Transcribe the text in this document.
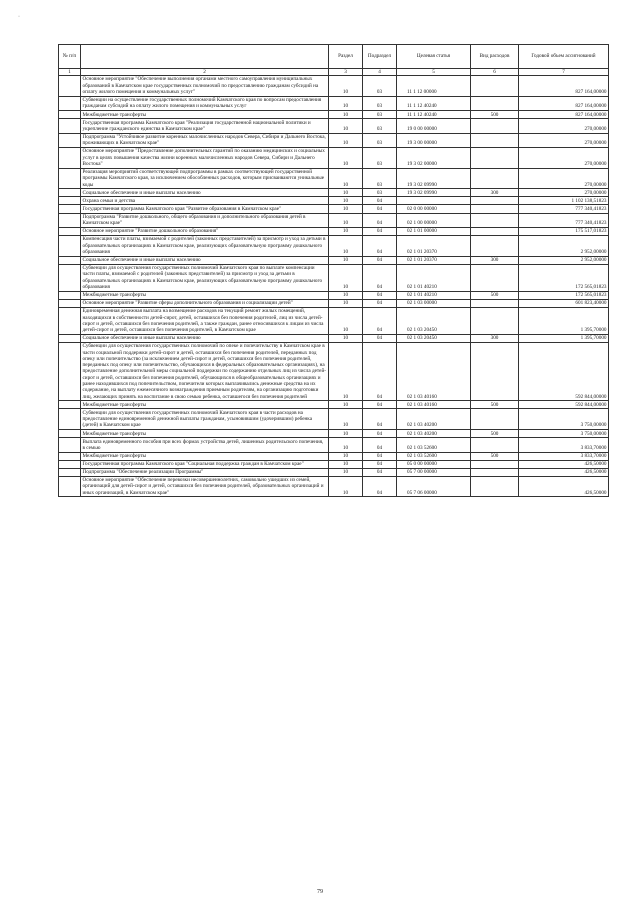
·
№ п/п		Раздел	Подраздел	Целевая статья	Вид расходов	Годовой объем ассигнований
1	2	3	4	5	6	7
	Основное мероприятие "Обеспечение выполнения органами местного самоуправления муниципальных образований в Камчатском крае государственных полномочий по предоставлению гражданам субсидий на оплату жилого помещения и коммунальных услуг"	10	03	11 1 12 00000		827 164,00000
	Субвенции на осуществление государственных полномочий Камчатского края по вопросам предоставления гражданам субсидий на оплату жилого помещения и коммунальных услуг	10	03	11 1 12 40240		827 164,00000
	Межбюджетные трансферты	10	03	11 1 12 40240	500	827 164,00000
	Государственная программа Камчатского края "Реализация государственной национальной политики и укрепление гражданского единства в Камчатском крае"	10	03	19 0 00 00000		270,00000
	Подпрограмма "Устойчивое развитие коренных малочисленных народов Севера, Сибири и Дальнего Востока, проживающих в Камчатском крае"	10	03	19 3 00 00000		270,00000
	Основное мероприятие "Предоставление дополнительных гарантий по оказанию медицинских и социальных услуг в целях повышения качества жизни коренных малочисленных народов Севера, Сибири и Дальнего Востока"	10	03	19 3 02 00000		270,00000
	Реализация мероприятий соответствующей подпрограммы в рамках соответствующей государственной программы Камчатского края, за исключением обособленных расходов, которым присваиваются уникальные коды	10	03	19 3 02 09990		270,00000
	Социальное обеспечение и иные выплаты населению	10	03	19 3 02 09990	300	270,00000
	Охрана семьи и детства	10	04			1 102 138,51823
	Государственная программа Камчатского края "Развитие образования в Камчатском крае"	10	04	02 0 00 00000		777 340,41823
	Подпрограмма "Развитие дошкольного, общего образования и дополнительного образования детей в Камчатском крае"	10	04	02 1 00 00000		777 340,41823
	Основное мероприятие "Развитие дошкольного образования"	10	04	02 1 01 00000		175 517,01823
	Компенсация части платы, взимаемой с родителей (законных представителей) за присмотр и уход за детьми в образовательных организациях в Камчатском крае, реализующих образовательную программу дошкольного образования	10	04	02 1 01 20370		2 952,00000
	Социальное обеспечение и иные выплаты населению	10	04	02 1 01 20370	300	2 952,00000
	Субвенции для осуществления государственных полномочий Камчатского края по выплате компенсации части платы, взимаемой с родителей (законных представителей) за присмотр и уход за детьми в образовательных организациях в Камчатском крае, реализующих образовательную программу дошкольного образования	10	04	02 1 01 40210		172 565,01823
	Межбюджетные трансферты	10	04	02 1 01 40210	500	172 565,01823
	Основное мероприятие "Развитие сферы дополнительного образования и социализации детей"	10	04	02 1 03 00000		601 823,40000
	Единовременная денежная выплата на возмещение расходов на текущий ремонт жилых помещений, находящихся в собственности детей-сирот, детей, оставшихся без попечения родителей, лиц из числа детей-сирот и детей, оставшихся без попечения родителей, а также граждан, ранее относившихся к лицам из числа детей-сирот и детей, оставшихся без попечения родителей, в Камчатском крае	10	04	02 1 03 20450		1 395,70000
	Социальное обеспечение и иные выплаты населению	10	04	02 1 03 20450	300	1 395,70000
	Субвенции для осуществления государственных полномочий по опеке и попечительству в Камчатском крае в части социальной поддержки детей-сирот и детей, оставшихся без попечения родителей, переданных под опеку или попечительство (за исключением детей-сирот и детей, оставшихся без попечения родителей, переданных под опеку или попечительство, обучающихся в федеральных образовательных организациях), на предоставление дополнительной меры социальной поддержки по содержанию отдельных лиц из числа детей-сирот и детей, оставшихся без попечения родителей, обучающихся в общеобразовательных организациях и ранее находившихся под попечительством, попечители которых выплачивались денежные средства на их содержание, на выплату ежемесячного вознаграждения приемным родителям, на организацию подготовки лиц, желающих принять на воспитание в свою семью ребенка, оставшегося без попечения родителей	10	04	02 1 03 40160		592 844,00000
	Межбюджетные трансферты	10	04	02 1 03 40160	500	592 844,00000
	Субвенции для осуществления государственных полномочий Камчатского края в части расходов на предоставление единовременной денежной выплаты гражданам, усыновившим (удочерившим) ребенка (детей) в Камчатском крае	10	04	02 1 03 40200		3 750,00000
	Межбюджетные трансферты	10	04	02 1 03 40200	500	3 750,00000
	Выплата единовременного пособия при всех формах устройства детей, лишенных родительского попечения, в семью	10	04	02 1 03 52600		3 833,70000
	Межбюджетные трансферты	10	04	02 1 03 52600	500	3 833,70000
	Государственная программа Камчатского края "Социальная поддержка граждан в Камчатском крае"	10	04	05 0 00 00000		426,50000
	Подпрограмма "Обеспечение реализации Программы"	10	04	05 7 00 00000		426,50000
	Основное мероприятие "Обеспечение перевозки несовершеннолетних, самовольно ушедших из семей, организаций для детей-сирот и детей, оставшихся без попечения родителей, образовательных организаций и иных организаций, в Камчатском крае"	10	04	05 7 06 00000		426,50000
79
